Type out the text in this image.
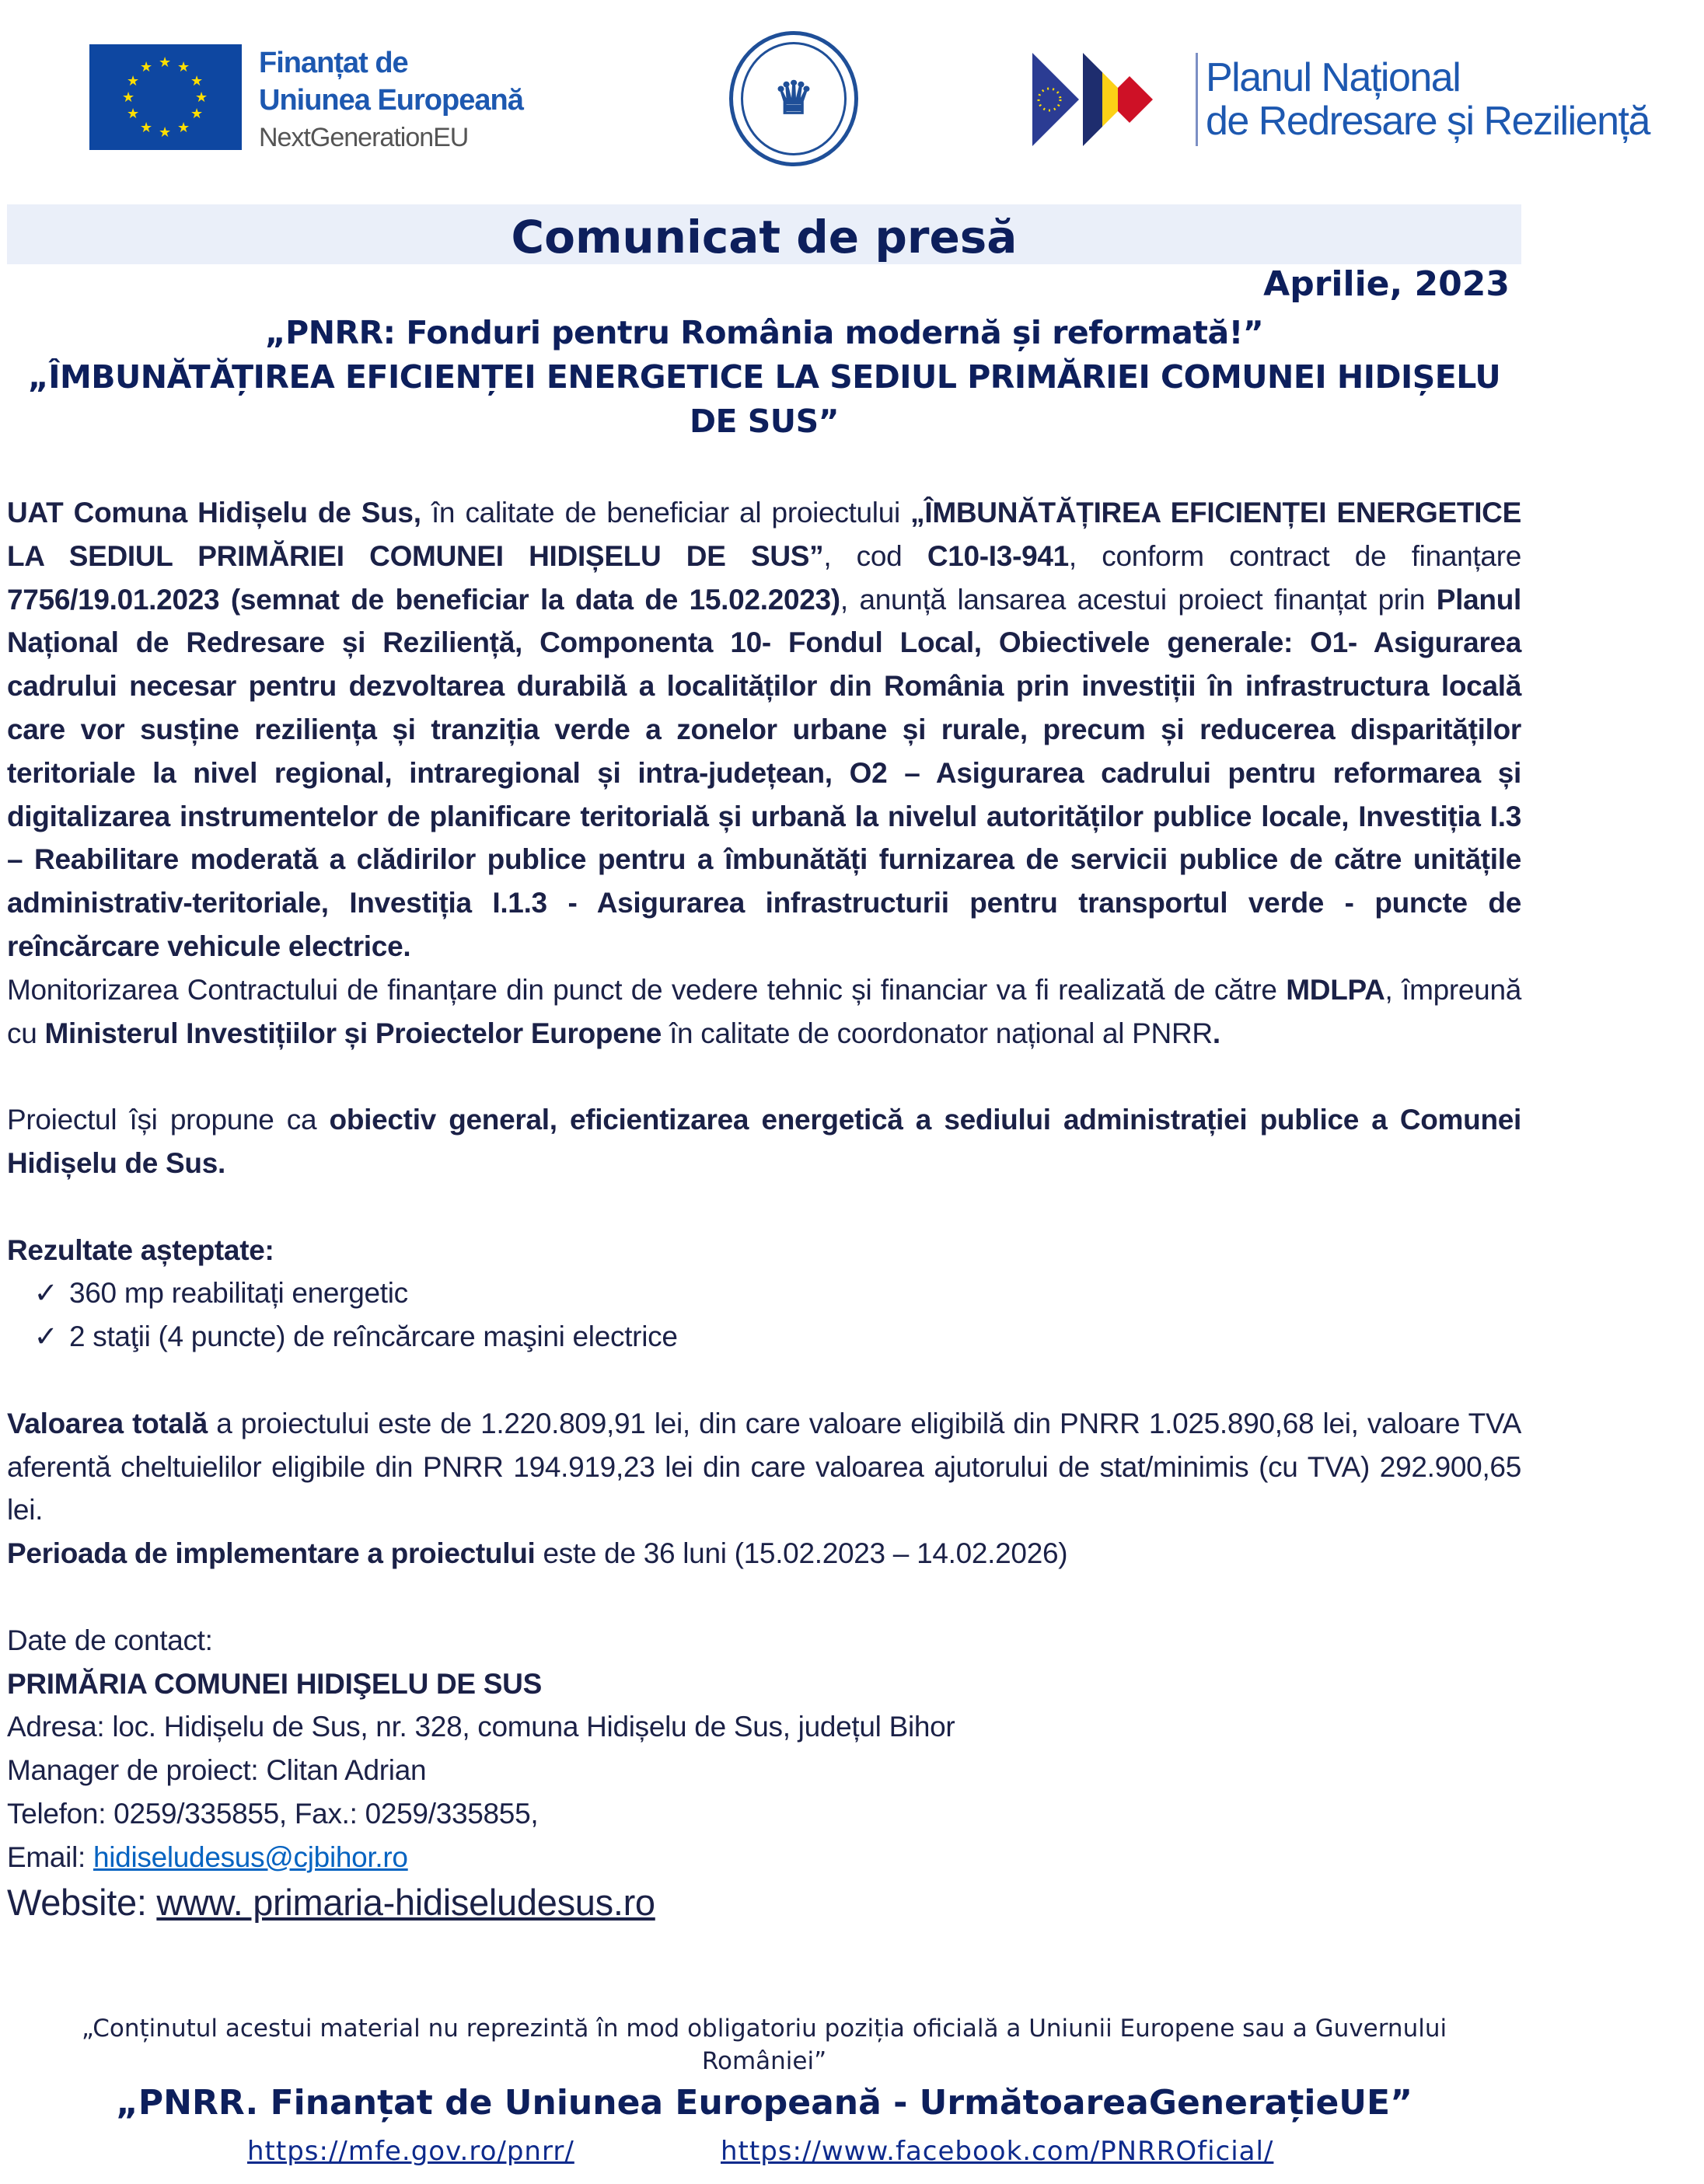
★ ★
★
★
★
★
★
★
★
★
★
★	Finanțat de
Uniunea Europeană
NextGenerationEU
♛	Planul Național
de Redresare și Reziliență
Comunicat de presă
Aprilie, 2023
„PNRR: Fonduri pentru România modernă și reformată!”
„ÎMBUNĂTĂȚIREA EFICIENȚEI ENERGETICE LA SEDIUL PRIMĂRIEI COMUNEI HIDIȘELU DE SUS”

UAT Comuna Hidișelu de Sus, în calitate de beneficiar al proiectului „ÎMBUNĂTĂȚIREA EFICIENȚEI ENERGETICE LA SEDIUL PRIMĂRIEI COMUNEI HIDIȘELU DE SUS”, cod C10-I3-941, conform contract de finanțare 7756/19.01.2023 (semnat de beneficiar la data de 15.02.2023), anunță lansarea acestui proiect finanțat prin Planul Național de Redresare și Reziliență, Componenta 10- Fondul Local, Obiectivele generale: O1- Asigurarea cadrului necesar pentru dezvoltarea durabilă a localităților din România prin investiții în infrastructura locală care vor susține reziliența și tranziția verde a zonelor urbane și rurale, precum și reducerea disparităților teritoriale la nivel regional, intraregional și intra-județean, O2 – Asigurarea cadrului pentru reformarea și digitalizarea instrumentelor de planificare teritorială și urbană la nivelul autorităților publice locale, Investiția I.3 – Reabilitare moderată a clădirilor publice pentru a îmbunătăți furnizarea de servicii publice de către unitățile administrativ-teritoriale, Investiția I.1.3 - Asigurarea infrastructurii pentru transportul verde - puncte de reîncărcare vehicule electrice.

Monitorizarea Contractului de finanțare din punct de vedere tehnic și financiar va fi realizată de către MDLPA, împreună cu Ministerul Investițiilor și Proiectelor Europene în calitate de coordonator național al PNRR.

Proiectul își propune ca obiectiv general, eficientizarea energetică a sediului administrației publice a Comunei Hidișelu de Sus.

Rezultate așteptate:

✓ 360 mp reabilitați energetic
✓ 2 staţii (4 puncte) de reîncărcare maşini electrice

Valoarea totală a proiectului este de 1.220.809,91 lei, din care valoare eligibilă din PNRR 1.025.890,68 lei, valoare TVA aferentă cheltuielilor eligibile din PNRR 194.919,23 lei din care valoarea ajutorului de stat/minimis (cu TVA) 292.900,65 lei.

Perioada de implementare a proiectului este de 36 luni (15.02.2023 – 14.02.2026)

Date de contact:

PRIMĂRIA COMUNEI HIDIŞELU DE SUS

Adresa: loc. Hidișelu de Sus, nr. 328, comuna Hidișelu de Sus, județul Bihor

Manager de proiect: Clitan Adrian

Telefon: 0259/335855, Fax.: 0259/335855,

Email: hidiseludesus@cjbihor.ro

Website: www. primaria-hidiseludesus.ro

„Conținutul acestui material nu reprezintă în mod obligatoriu poziția oficială a Uniunii Europene sau a Guvernului
României”
„PNRR. Finanțat de Uniunea Europeană - UrmătoareaGenerațieUE”
https://mfe.gov.ro/pnrr/	https://www.facebook.com/PNRROficial/
